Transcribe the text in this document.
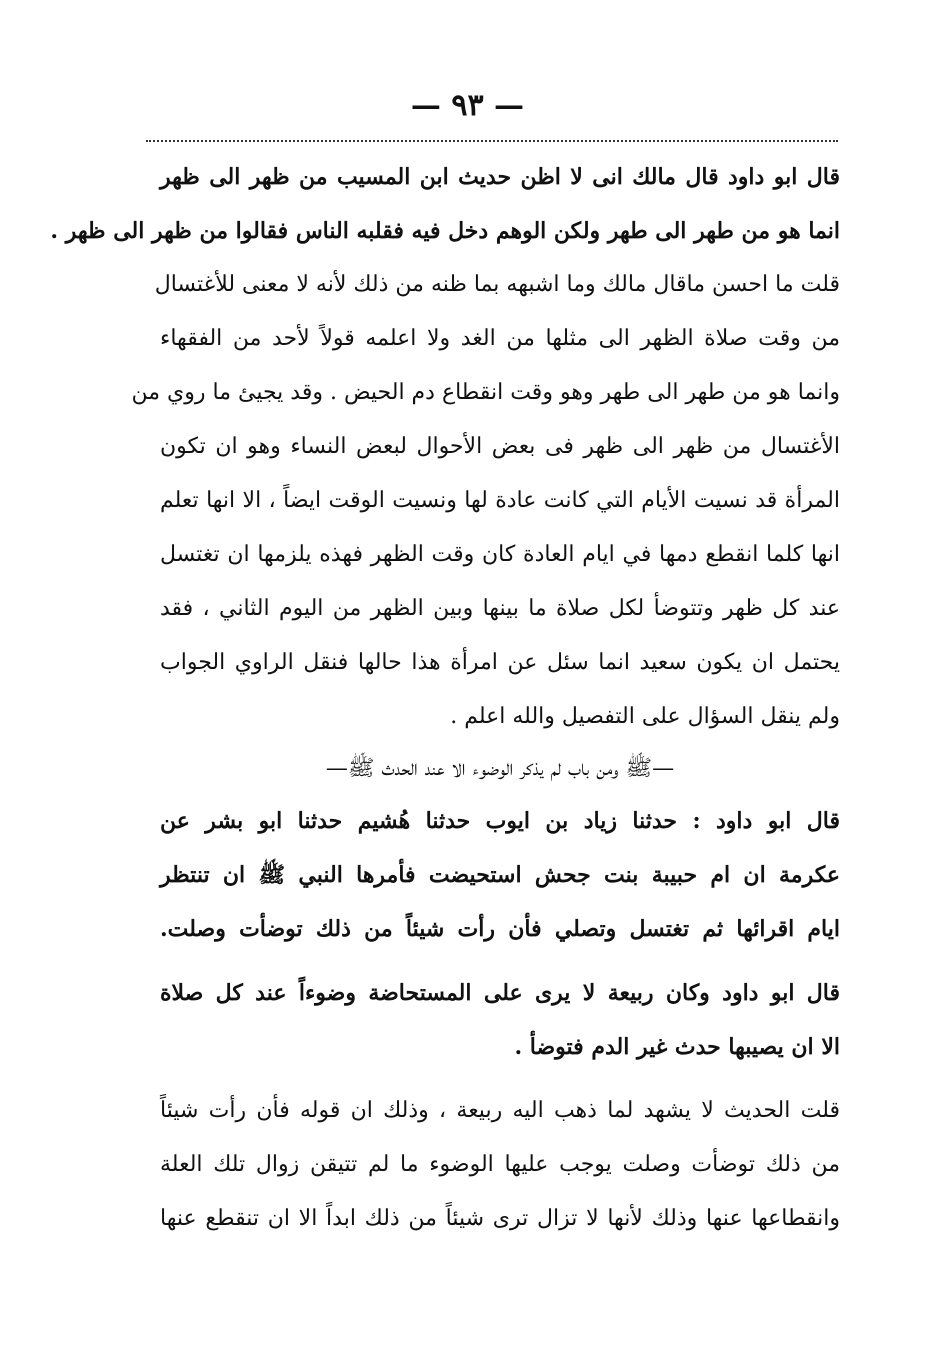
— ٩٣ —
قال ابو داود قال مالك انى لا اظن حديث ابن المسيب من ظهر الى ظهر
انما هو من طهر الى طهر ولكن الوهم دخل فيه فقلبه الناس فقالوا من ظهر الى ظهر .
قلت ما احسن ماقال مالك وما اشبهه بما ظنه من ذلك لأنه لا معنى للأغتسال
من وقت صلاة الظهر الى مثلها من الغد ولا اعلمه قولاً لأحد من الفقهاء
وانما هو من طهر الى طهر وهو وقت انقطاع دم الحيض . وقد يجيئ ما روي من
الأغتسال من ظهر الى ظهر فى بعض الأحوال لبعض النساء وهو ان تكون
المرأة قد نسيت الأيام التي كانت عادة لها ونسيت الوقت ايضاً ، الا انها تعلم
انها كلما انقطع دمها في ايام العادة كان وقت الظهر فهذه يلزمها ان تغتسل
عند كل ظهر وتتوضأ لكل صلاة ما بينها وبين الظهر من اليوم الثاني ، فقد
يحتمل ان يكون سعيد انما سئل عن امرأة هذا حالها فنقل الراوي الجواب
ولم ينقل السؤال على التفصيل والله اعلم .
—ﷺ ومن باب لم يذكر الوضوء الا عند الحدث ﷺ—
قال ابو داود : حدثنا زياد بن ايوب حدثنا هُشيم حدثنا ابو بشر عن
عكرمة ان ام حبيبة بنت جحش استحيضت فأمرها النبي ﷺ ان تنتظر
ايام اقرائها ثم تغتسل وتصلي فأن رأت شيئاً من ذلك توضأت وصلت.
قال ابو داود وكان ربيعة لا يرى على المستحاضة وضوءاً عند كل صلاة
الا ان يصيبها حدث غير الدم فتوضأ .
قلت الحديث لا يشهد لما ذهب اليه ربيعة ، وذلك ان قوله فأن رأت شيئاً
من ذلك توضأت وصلت يوجب عليها الوضوء ما لم تتيقن زوال تلك العلة
وانقطاعها عنها وذلك لأنها لا تزال ترى شيئاً من ذلك ابداً الا ان تنقطع عنها
